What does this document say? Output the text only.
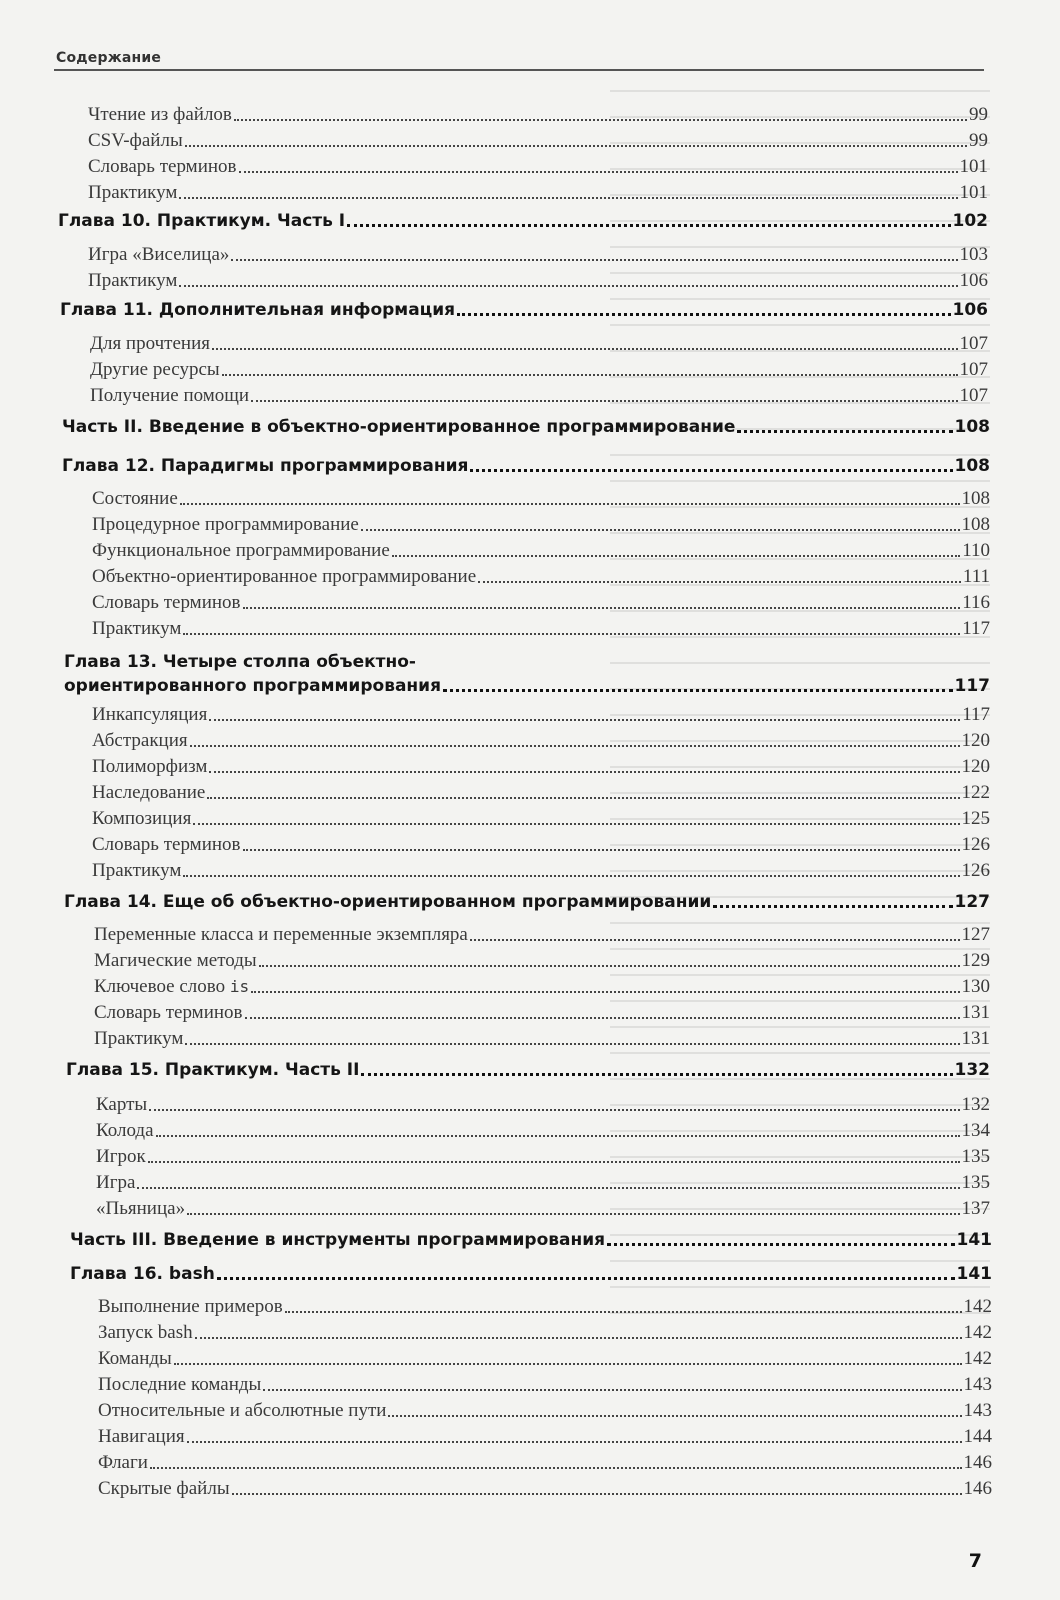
Содержание
Чтение из файлов	99
CSV-файлы	99
Словарь терминов	101
Практикум	101
Глава 10. Практикум. Часть I	102
Игра «Виселица»	103
Практикум	106
Глава 11. Дополнительная информация	106
Для прочтения	107
Другие ресурсы	107
Получение помощи	107
Часть II. Введение в объектно-ориентированное программирование	108
Глава 12. Парадигмы программирования	108
Состояние	108
Процедурное программирование	108
Функциональное программирование	110
Объектно-ориентированное программирование	111
Словарь терминов	116
Практикум	117
Глава 13. Четыре столпа объектно-
ориентированного программирования	117
Инкапсуляция	117
Абстракция	120
Полиморфизм	120
Наследование	122
Композиция	125
Словарь терминов	126
Практикум	126
Глава 14. Еще об объектно-ориентированном программировании	127
Переменные класса и переменные экземпляра	127
Магические методы	129
Ключевое слово is	130
Словарь терминов	131
Практикум	131
Глава 15. Практикум. Часть II	132
Карты	132
Колода	134
Игрок	135
Игра	135
«Пьяница»	137
Часть III. Введение в инструменты программирования	141
Глава 16. bash	141
Выполнение примеров	142
Запуск bash	142
Команды	142
Последние команды	143
Относительные и абсолютные пути	143
Навигация	144
Флаги	146
Скрытые файлы	146
7
